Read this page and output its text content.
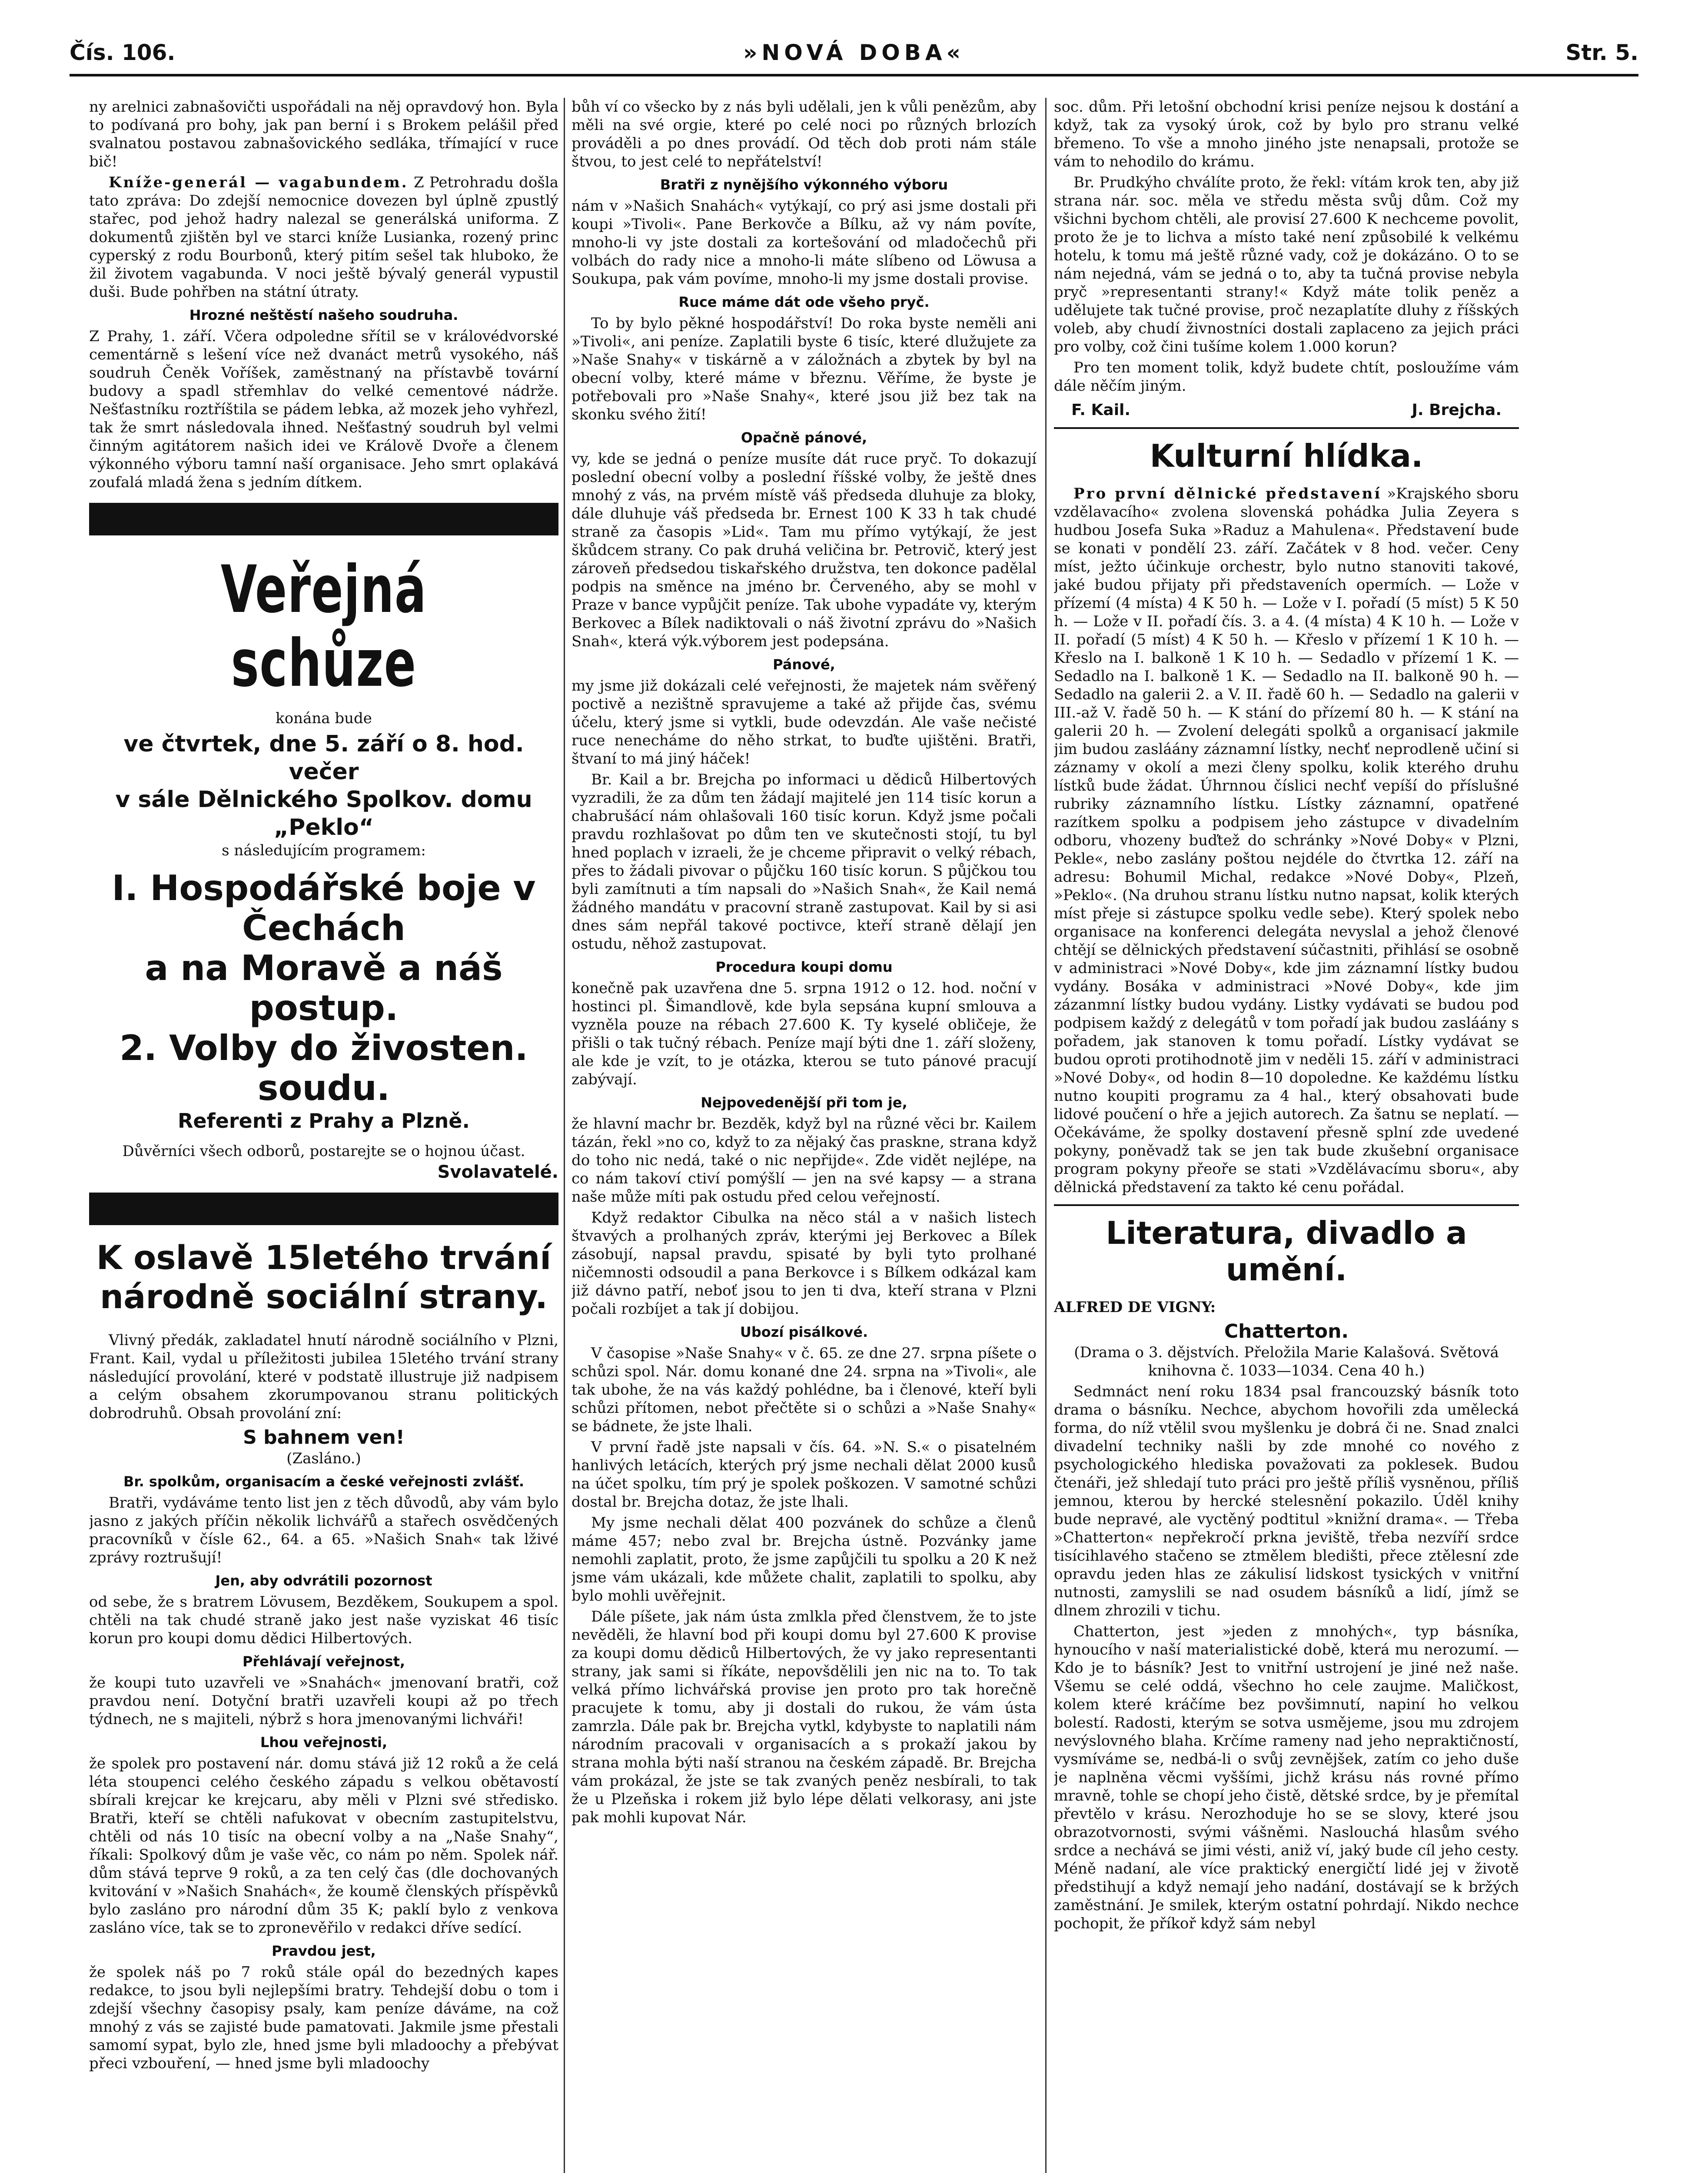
Čís. 106.	»NOVÁ DOBA«	Str. 5.

ny arelnici zabnašovičti uspořádali na něj opravdový hon. Byla to podívaná pro bohy, jak pan berní i s Brokem pelášil před svalnatou postavou zabnašovického sedláka, třímající v ruce bič!

Kníže-generál — vagabundem. Z Petrohradu došla tato zpráva: Do zdejší nemocnice dovezen byl úplně zpustlý stařec, pod jehož hadry nalezal se generálská uniforma. Z dokumentů zjištěn byl ve starci kníže Lusianka, rozený princ cyperský z rodu Bourbonů, který pitím sešel tak hluboko, že žil životem vagabunda. V noci ještě bývalý generál vypustil duši. Bude pohřben na státní útraty.

Hrozné neštěstí našeho soudruha.

Z Prahy, 1. září. Včera odpoledne sřítil se v královédvorské cementárně s lešení více než dvanáct metrů vysokého, náš soudruh Čeněk Voříšek, zaměstnaný na přístavbě tovární budovy a spadl střemhlav do velké cementové nádrže. Nešťastníku roztříštila se pádem lebka, až mozek jeho vyhřezl, tak že smrt následovala ihned. Nešťastný soudruh byl velmi činným agitátorem našich idei ve Králově Dvoře a členem výkonného výboru tamní naší organisace. Jeho smrt oplakává zoufalá mladá žena s jedním dítkem.

Veřejná schůze

konána bude

ve čtvrtek, dne 5. září o 8. hod. večer
v sále Dělnického Spolkov. domu „Peklo“

s následujícím programem:

I. Hospodářské boje v Čechách
a na Moravě a náš postup.
2. Volby do živosten. soudu.
Referenti z Prahy a Plzně.

Důvěrníci všech odborů, postarejte se o hojnou účast.

Svolavatelé.
K oslavě 15letého trvání národně sociální strany.

Vlivný předák, zakladatel hnutí národně sociálního v Plzni, Frant. Kail, vydal u příležitosti jubilea 15letého trvání strany následující provolání, které v podstatě illustruje již nadpisem a celým obsahem zkorumpovanou stranu politických dobrodruhů. Obsah provolání zní:

S bahnem ven!

(Zasláno.)

Br. spolkům, organisacím a české veřejnosti zvlášť.

Bratři, vydáváme tento list jen z těch důvodů, aby vám bylo jasno z jakých příčin několik lichvářů a stařech osvědčených pracovníků v čísle 62., 64. a 65. »Našich Snah« tak lživé zprávy roztrušují!

Jen, aby odvrátili pozornost

od sebe, že s bratrem Lövusem, Bezděkem, Soukupem a spol. chtěli na tak chudé straně jako jest naše vyziskat 46 tisíc korun pro koupi domu dědici Hilbertových.

Přehlávají veřejnost,

že koupi tuto uzavřeli ve »Snahách« jmenovaní bratři, což pravdou není. Dotyční bratři uzavřeli koupi až po třech týdnech, ne s majiteli, nýbrž s hora jmenovanými lichváři!

Lhou veřejnosti,

že spolek pro postavení nár. domu stává již 12 roků a že celá léta stoupenci celého českého západu s velkou obětavostí sbírali krejcar ke krejcaru, aby měli v Plzni své středisko. Bratři, kteří se chtěli nafukovat v obecním zastupitelstvu, chtěli od nás 10 tisíc na obecní volby a na „Naše Snahy“, říkali: Spolkový dům je vaše věc, co nám po něm. Spolek nář. dům stává teprve 9 roků, a za ten celý čas (dle dochovaných kvitování v »Našich Snahách«, že koumě členských příspěvků bylo zasláno pro národní dům 35 K; paklí bylo z venkova zasláno více, tak se to zpronevěřilo v redakci dříve sedící.

Pravdou jest,

že spolek náš po 7 roků stále opál do bezedných kapes redakce, to jsou byli nejlepšími bratry. Tehdejší dobu o tom i zdejší všechny časopisy psaly, kam peníze dáváme, na což mnohý z vás se zajisté bude pamatovati. Jakmile jsme přestali samomí sypat, bylo zle, hned jsme byli mladoochy a přebývat přeci vzbouření, — hned jsme byli mladoochy

bůh ví co všecko by z nás byli udělali, jen k vůli penězům, aby měli na své orgie, které po celé noci po různých brlozích prováděli a po dnes provádí. Od těch dob proti nám stále štvou, to jest celé to nepřátelství!

Bratři z nynějšího výkonného výboru

nám v »Našich Snahách« vytýkají, co prý asi jsme dostali při koupi »Tivoli«. Pane Berkovče a Bílku, až vy nám povíte, mnoho-li vy jste dostali za kortešování od mladočechů při volbách do rady nice a mnoho-li máte slíbeno od Löwusa a Soukupa, pak vám povíme, mnoho-li my jsme dostali provise.

Ruce máme dát ode všeho pryč.

To by bylo pěkné hospodářství! Do roka byste neměli ani »Tivoli«, ani peníze. Zaplatili byste 6 tisíc, které dlužujete za »Naše Snahy« v tiskárně a v záložnách a zbytek by byl na obecní volby, které máme v březnu. Věříme, že byste je potřebovali pro »Naše Snahy«, které jsou již bez tak na skonku svého žití!

Opačně pánové,

vy, kde se jedná o peníze musíte dát ruce pryč. To dokazují poslední obecní volby a poslední říšské volby, že ještě dnes mnohý z vás, na prvém místě váš předseda dluhuje za bloky, dále dluhuje váš předseda br. Ernest 100 K 33 h tak chudé straně za časopis »Lid«. Tam mu přímo vytýkají, že jest škůdcem strany. Co pak druhá veličina br. Petrovič, který jest zároveň předsedou tiskařského družstva, ten dokonce padělal podpis na směnce na jméno br. Červeného, aby se mohl v Praze v bance vypůjčit peníze. Tak ubohe vypadáte vy, kterým Berkovec a Bílek nadiktovali o náš životní zprávu do »Našich Snah«, která výk.výborem jest podepsána.

Pánové,

my jsme již dokázali celé veřejnosti, že majetek nám svěřený poctivě a nezištně spravujeme a také až přijde čas, svému účelu, který jsme si vytkli, bude odevzdán. Ale vaše nečisté ruce nenecháme do něho strkat, to buďte ujištěni. Bratři, štvaní to má jiný háček!

Br. Kail a br. Brejcha po informaci u dědiců Hilbertových vyzradili, že za dům ten žádají majitelé jen 114 tisíc korun a chabrušácí nám ohlašovali 160 tisíc korun. Když jsme počali pravdu rozhlašovat po dům ten ve skutečnosti stojí, tu byl hned poplach v izraeli, že je chceme připravit o velký rébach, přes to žádali pivovar o půjčku 160 tisíc korun. S půjčkou tou byli zamítnuti a tím napsali do »Našich Snah«, že Kail nemá žádného mandátu v pracovní straně zastupovat. Kail by si asi dnes sám nepřál takové poctivce, kteří straně dělají jen ostudu, něhož zastupovat.

Procedura koupi domu

konečně pak uzavřena dne 5. srpna 1912 o 12. hod. noční v hostinci pl. Šimandlově, kde byla sepsána kupní smlouva a vyzněla pouze na rébach 27.600 K. Ty kyselé obličeje, že přišli o tak tučný rébach. Peníze mají býti dne 1. září složeny, ale kde je vzít, to je otázka, kterou se tuto pánové pracují zabývají.

Nejpovedenější při tom je,

že hlavní machr br. Bezděk, když byl na různé věci br. Kailem tázán, řekl »no co, když to za nějaký čas praskne, strana když do toho nic nedá, také o nic nepřijde«. Zde vidět nejlépe, na co nám takoví ctiví pomýšlí — jen na své kapsy — a strana naše může míti pak ostudu před celou veřejností.

Když redaktor Cibulka na něco stál a v našich listech štvavých a prolhaných zpráv, kterými jej Berkovec a Bílek zásobují, napsal pravdu, spisaté by byli tyto prolhané ničemnosti odsoudil a pana Berkovce i s Bílkem odkázal kam již dávno patří, neboť jsou to jen ti dva, kteří strana v Plzni počali rozbíjet a tak jí dobijou.

Ubozí pisálkové.

V časopise »Naše Snahy« v č. 65. ze dne 27. srpna píšete o schůzi spol. Nár. domu konané dne 24. srpna na »Tivoli«, ale tak ubohe, že na vás každý pohlédne, ba i členové, kteří byli schůzi přítomen, nebot přečtěte si o schůzi a »Naše Snahy« se bádnete, že jste lhali.

V první řadě jste napsali v čís. 64. »N. S.« o pisatelném hanlivých letácích, kterých prý jsme nechali dělat 2000 kusů na účet spolku, tím prý je spolek poškozen. V samotné schůzi dostal br. Brejcha dotaz, že jste lhali.

My jsme nechali dělat 400 pozvánek do schůze a členů máme 457; nebo zval br. Brejcha ústně. Pozvánky jame nemohli zaplatit, proto, že jsme zapůjčili tu spolku a 20 K než jsme vám ukázali, kde můžete chalit, zaplatili to spolku, aby bylo mohli uvěřejnit.

Dále píšete, jak nám ústa zmlkla před členstvem, že to jste nevěděli, že hlavní bod při koupi domu byl 27.600 K provise za koupi domu dědiců Hilbertových, že vy jako representanti strany, jak sami si říkáte, nepovšdělili jen nic na to. To tak velká přímo lichvářská provise jen proto pro tak horečně pracujete k tomu, aby ji dostali do rukou, že vám ústa zamrzla. Dále pak br. Brejcha vytkl, kdybyste to naplatili nám národním pracovali v organisacích a s prokaží jakou by strana mohla býti naší stranou na českém západě. Br. Brejcha vám prokázal, že jste se tak zvaných peněz nesbírali, to tak že u Plzeňska i rokem již bylo lépe dělati velkorasy, ani jste pak mohli kupovat Nár.

soc. dům. Při letošní obchodní krisi peníze nejsou k dostání a když, tak za vysoký úrok, což by bylo pro stranu velké břemeno. To vše a mnoho jiného jste nenapsali, protože se vám to nehodilo do krámu.

Br. Prudkýho chválíte proto, že řekl: vítám krok ten, aby již strana nár. soc. měla ve středu města svůj dům. Což my všichni bychom chtěli, ale provisí 27.600 K nechceme povolit, proto že je to lichva a místo také není způsobilé k velkému hotelu, k tomu má ještě různé vady, což je dokázáno. O to se nám nejedná, vám se jedná o to, aby ta tučná provise nebyla pryč »representanti strany!« Když máte tolik peněz a udělujete tak tučné provise, proč nezaplatíte dluhy z říšských voleb, aby chudí živnostníci dostali zaplaceno za jejich práci pro volby, což čini tušíme kolem 1.000 korun?

Pro ten moment tolik, když budete chtít, posloužíme vám dále něčím jiným.

F. Kail.	J. Brejcha.
Kulturní hlídka.

Pro první dělnické představení »Krajského sboru vzdělavacího« zvolena slovenská pohádka Julia Zeyera s hudbou Josefa Suka »Raduz a Mahulena«. Představení bude se konati v pondělí 23. září. Začátek v 8 hod. večer. Ceny míst, ježto účinkuje orchestr, bylo nutno stanoviti takové, jaké budou přijaty při představeních opermích. — Lože v přízemí (4 místa) 4 K 50 h. — Lože v I. pořadí (5 míst) 5 K 50 h. — Lože v II. pořadí čís. 3. a 4. (4 místa) 4 K 10 h. — Lože v II. pořadí (5 míst) 4 K 50 h. — Křeslo v přízemí 1 K 10 h. — Křeslo na I. balkoně 1 K 10 h. — Sedadlo v přízemí 1 K. — Sedadlo na I. balkoně 1 K. — Sedadlo na II. balkoně 90 h. — Sedadlo na galerii 2. a V. II. řadě 60 h. — Sedadlo na galerii v III.-až V. řadě 50 h. — K stání do přízemí 80 h. — K stání na galerii 20 h. — Zvolení delegáti spolků a organisací jakmile jim budou zasláány záznamní lístky, nechť neprodleně učiní si záznamy v okolí a mezi členy spolku, kolik kterého druhu lístků bude žádat. Úhrnnou číslici nechť vepíší do příslušné rubriky záznamního lístku. Lístky záznamní, opatřené razítkem spolku a podpisem jeho zástupce v divadelním odboru, vhozeny buďtež do schránky »Nové Doby« v Plzni, Pekle«, nebo zaslány poštou nejdéle do čtvrtka 12. září na adresu: Bohumil Michal, redakce »Nové Doby«, Plzeň, »Peklo«. (Na druhou stranu lístku nutno napsat, kolik kterých míst přeje si zástupce spolku vedle sebe). Který spolek nebo organisace na konferenci delegáta nevyslal a jehož členové chtějí se dělnických představení súčastniti, přihlásí se osobně v administraci »Nové Doby«, kde jim záznamní lístky budou vydány. Bosáka v administraci »Nové Doby«, kde jim zázanmní lístky budou vydány. Listky vydávati se budou pod podpisem každý z delegátů v tom pořadí jak budou zasláány s pořadem, jak stanoven k tomu pořadí. Lístky vydávat se budou oproti protihodnotě jim v neděli 15. září v administraci »Nové Doby«, od hodin 8—10 dopoledne. Ke každému lístku nutno koupiti programu za 4 hal., který obsahovati bude lidové poučení o hře a jejich autorech. Za šatnu se neplatí. — Očekáváme, že spolky dostavení přesně splní zde uvedené pokyny, poněvadž tak se jen tak bude zkušební organisace program pokyny přeoře se stati »Vzdělávacímu sboru«, aby dělnická představení za takto ké cenu pořádal.

Literatura, divadlo a umění.

ALFRED DE VIGNY:

Chatterton.

(Drama o 3. dějstvích. Přeložila Marie Kalašová. Světová knihovna č. 1033—1034. Cena 40 h.)

Sedmnáct není roku 1834 psal francouzský básník toto drama o básníku. Nechce, abychom hovořili zda umělecká forma, do níž vtělil svou myšlenku je dobrá či ne. Snad znalci divadelní techniky našli by zde mnohé co nového z psychologického hlediska považovati za poklesek. Budou čtenáři, jež shledají tuto práci pro ještě příliš vysněnou, příliš jemnou, kterou by hercké stelesnění pokazilo. Úděl knihy bude nepravé, ale vyctěný podtitul »knižní drama«. — Třeba »Chatterton« nepřekročí prkna jeviště, třeba nezvíří srdce tisícihlavého stačeno se ztmělem bledišti, přece ztělesní zde opravdu jeden hlas ze zákulisí lidskost tysických v vnitřní nutnosti, zamyslili se nad osudem básníků a lidí, jímž se dlnem zhrozili v tichu.

Chatterton, jest »jeden z mnohých«, typ básníka, hynoucího v naší materialistické době, která mu nerozumí. — Kdo je to básník? Jest to vnitřní ustrojení je jiné než naše. Všemu se celé oddá, všechno ho cele zaujme. Maličkost, kolem které kráčíme bez povšimnutí, napiní ho velkou bolestí. Radosti, kterým se sotva usmějeme, jsou mu zdrojem nevýslovného blaha. Krčíme rameny nad jeho nepraktičností, vysmíváme se, nedbá-li o svůj zevnějšek, zatím co jeho duše je naplněna věcmi vyššími, jichž krásu nás rovné přímo mravně, tohle se chopí jeho čistě, dětské srdce, by je přemítal převtělo v krásu. Nerozhoduje ho se se slovy, které jsou obrazotvornosti, svými vášněmi. Naslouchá hlasům svého srdce a nechává se jimi vésti, aniž ví, jaký bude cíl jeho cesty. Méně nadaní, ale více praktický energičtí lidé jej v životě předstihují a když nemají jeho nadání, dostávají se k bržých zaměstnání. Je smilek, kterým ostatní pohrdají. Nikdo nechce pochopit, že příkoř když sám nebyl
